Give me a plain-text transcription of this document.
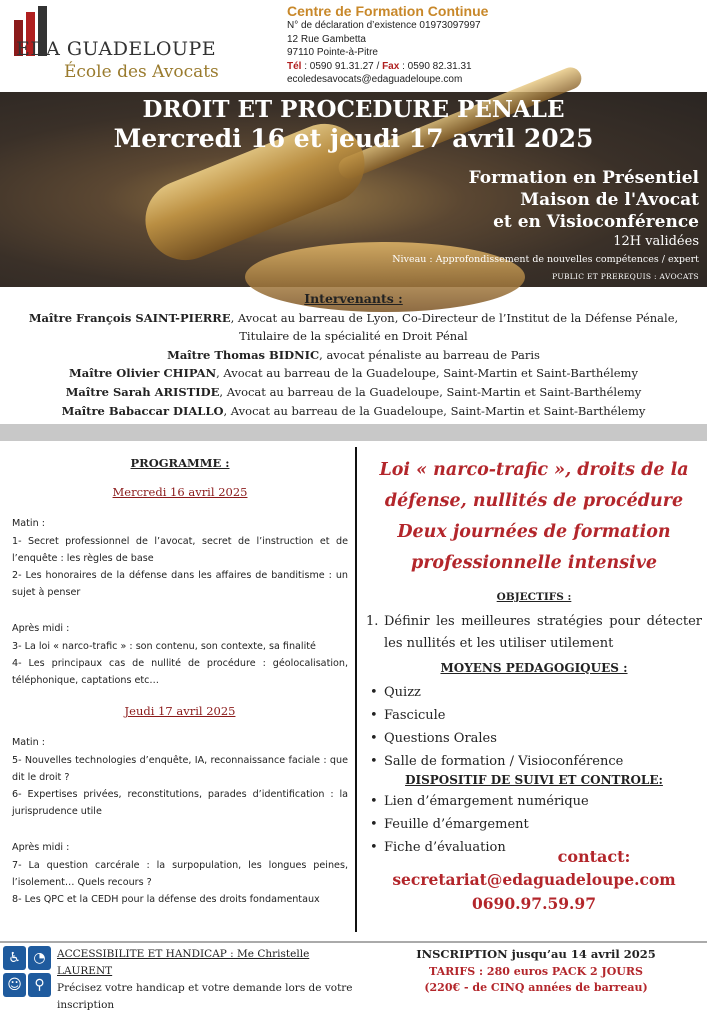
EDA GUADELOUPE
École des Avocats
Centre de Formation Continue
N° de déclaration d’existence 01973097997
12 Rue Gambetta
97110 Pointe-à-Pitre
Tél : 0590 91.31.27 / Fax : 0590 82.31.31
ecoledesavocats@edaguadeloupe.com
DROIT ET PROCEDURE PENALE
Mercredi 16 et jeudi 17 avril 2025
Formation en Présentiel
Maison de l'Avocat
et en Visioconférence
12H validées
Niveau : Approfondissement de nouvelles compétences / expert
PUBLIC ET PREREQUIS : AVOCATS
Intervenants :
Maître François SAINT-PIERRE, Avocat au barreau de Lyon, Co-Directeur de l’Institut de la Défense Pénale,
Titulaire de la spécialité en Droit Pénal
Maître Thomas BIDNIC, avocat pénaliste au barreau de Paris
Maître Olivier CHIPAN, Avocat au barreau de la Guadeloupe, Saint-Martin et Saint-Barthélemy
Maître Sarah ARISTIDE, Avocat au barreau de la Guadeloupe, Saint-Martin et Saint-Barthélemy
Maître Babaccar DIALLO, Avocat au barreau de la Guadeloupe, Saint-Martin et Saint-Barthélemy
PROGRAMME :
Mercredi 16 avril 2025
Matin :

1- Secret professionnel de l’avocat, secret de l’instruction et de l’enquête : les règles de base

2- Les honoraires de la défense dans les affaires de banditisme : un sujet à penser

Après midi :

3- La loi « narco-trafic » : son contenu, son contexte, sa finalité

4- Les principaux cas de nullité de procédure : géolocalisation, téléphonique, captations etc…

Jeudi 17 avril 2025
Matin :

5- Nouvelles technologies d’enquête, IA, reconnaissance faciale : que dit le droit ?

6- Expertises privées, reconstitutions, parades d’identification : la jurisprudence utile

Après midi :

7- La question carcérale : la surpopulation, les longues peines, l’isolement… Quels recours ?

8- Les QPC et la CEDH pour la défense des droits fondamentaux

Loi « narco-trafic », droits de la
défense, nullités de procédure
Deux journées de formation
professionnelle intensive
OBJECTIFS :
1. Définir les meilleures stratégies pour détecter les nullités et les utiliser utilement
MOYENS PEDAGOGIQUES :
• Quizz
• Fascicule
• Questions Orales
• Salle de formation / Visioconférence
DISPOSITIF DE SUIVI ET CONTROLE:
• Lien d’émargement numérique
• Feuille d’émargement
• Fiche d’évaluation	contact:
secretariat@edaguadeloupe.com
0690.97.59.97
♿ ◔
☺ ⚲
ACCESSIBILITE ET HANDICAP : Me Christelle LAURENT
Précisez votre handicap et votre demande lors de votre inscription
INSCRIPTION jusqu’au 14 avril 2025
TARIFS : 280 euros PACK 2 JOURS
(220€ - de CINQ années de barreau)
